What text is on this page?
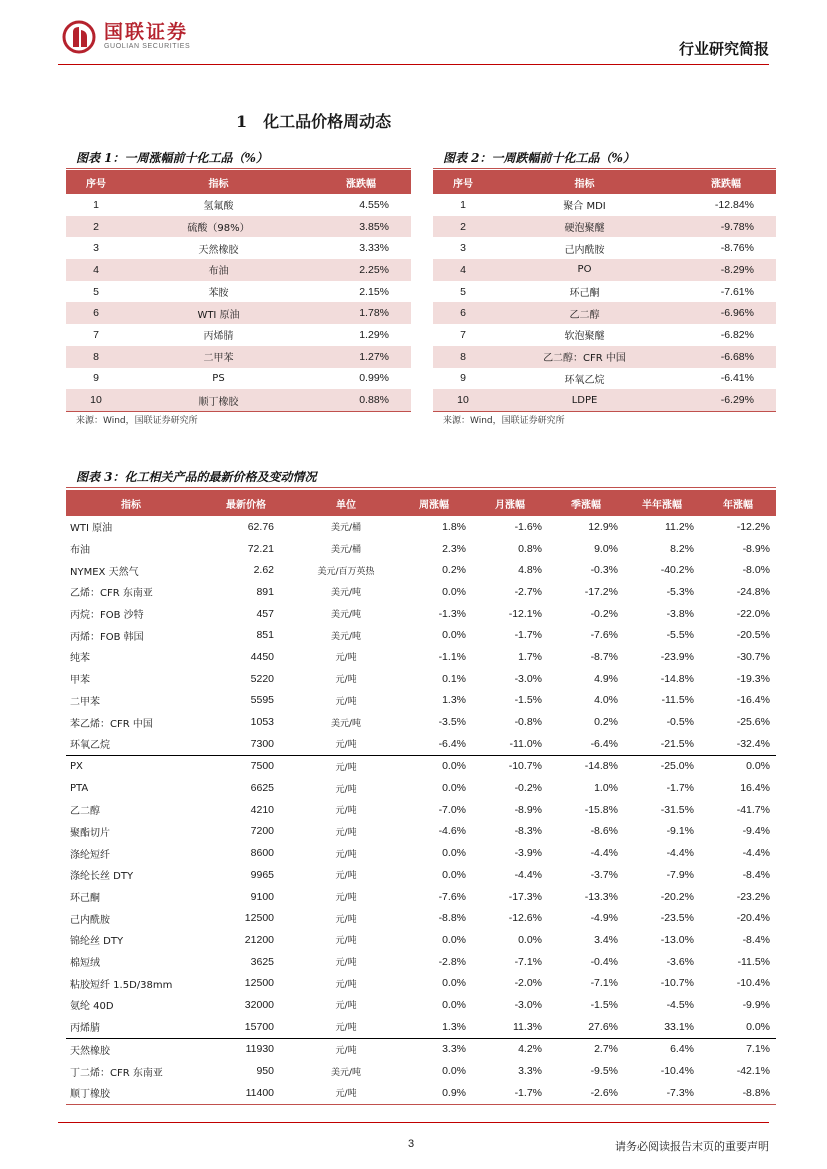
国联证券
GUOLIAN SECURITIES	行业研究简报
1 化工品价格周动态
图表 1：一周涨幅前十化工品（%）
序号	指标	涨跌幅
1	氢氟酸	4.55%
2	硫酸（98%）	3.85%
3	天然橡胶	3.33%
4	布油	2.25%
5	苯胺	2.15%
6	WTI 原油	1.78%
7	丙烯腈	1.29%
8	二甲苯	1.27%
9	PS	0.99%
10	顺丁橡胶	0.88%
来源：Wind，国联证券研究所
图表 2：一周跌幅前十化工品（%）
序号	指标	涨跌幅
1	聚合 MDI	-12.84%
2	硬泡聚醚	-9.78%
3	己内酰胺	-8.76%
4	PO	-8.29%
5	环己酮	-7.61%
6	乙二醇	-6.96%
7	软泡聚醚	-6.82%
8	乙二醇：CFR 中国	-6.68%
9	环氧乙烷	-6.41%
10	LDPE	-6.29%
来源：Wind，国联证券研究所
图表 3：化工相关产品的最新价格及变动情况
指标	最新价格	单位	周涨幅	月涨幅	季涨幅	半年涨幅	年涨幅
WTI 原油	62.76	美元/桶	1.8%	-1.6%	12.9%	11.2%	-12.2%
布油	72.21	美元/桶	2.3%	0.8%	9.0%	8.2%	-8.9%
NYMEX 天然气	2.62	美元/百万英热	0.2%	4.8%	-0.3%	-40.2%	-8.0%
乙烯：CFR 东南亚	891	美元/吨	0.0%	-2.7%	-17.2%	-5.3%	-24.8%
丙烷：FOB 沙特	457	美元/吨	-1.3%	-12.1%	-0.2%	-3.8%	-22.0%
丙烯：FOB 韩国	851	美元/吨	0.0%	-1.7%	-7.6%	-5.5%	-20.5%
纯苯	4450	元/吨	-1.1%	1.7%	-8.7%	-23.9%	-30.7%
甲苯	5220	元/吨	0.1%	-3.0%	4.9%	-14.8%	-19.3%
二甲苯	5595	元/吨	1.3%	-1.5%	4.0%	-11.5%	-16.4%
苯乙烯：CFR 中国	1053	美元/吨	-3.5%	-0.8%	0.2%	-0.5%	-25.6%
环氧乙烷	7300	元/吨	-6.4%	-11.0%	-6.4%	-21.5%	-32.4%
PX	7500	元/吨	0.0%	-10.7%	-14.8%	-25.0%	0.0%
PTA	6625	元/吨	0.0%	-0.2%	1.0%	-1.7%	16.4%
乙二醇	4210	元/吨	-7.0%	-8.9%	-15.8%	-31.5%	-41.7%
聚酯切片	7200	元/吨	-4.6%	-8.3%	-8.6%	-9.1%	-9.4%
涤纶短纤	8600	元/吨	0.0%	-3.9%	-4.4%	-4.4%	-4.4%
涤纶长丝 DTY	9965	元/吨	0.0%	-4.4%	-3.7%	-7.9%	-8.4%
环己酮	9100	元/吨	-7.6%	-17.3%	-13.3%	-20.2%	-23.2%
己内酰胺	12500	元/吨	-8.8%	-12.6%	-4.9%	-23.5%	-20.4%
锦纶丝 DTY	21200	元/吨	0.0%	0.0%	3.4%	-13.0%	-8.4%
棉短绒	3625	元/吨	-2.8%	-7.1%	-0.4%	-3.6%	-11.5%
粘胶短纤 1.5D/38mm	12500	元/吨	0.0%	-2.0%	-7.1%	-10.7%	-10.4%
氨纶 40D	32000	元/吨	0.0%	-3.0%	-1.5%	-4.5%	-9.9%
丙烯腈	15700	元/吨	1.3%	11.3%	27.6%	33.1%	0.0%
天然橡胶	11930	元/吨	3.3%	4.2%	2.7%	6.4%	7.1%
丁二烯：CFR 东南亚	950	美元/吨	0.0%	3.3%	-9.5%	-10.4%	-42.1%
顺丁橡胶	11400	元/吨	0.9%	-1.7%	-2.6%	-7.3%	-8.8%
3	请务必阅读报告末页的重要声明
